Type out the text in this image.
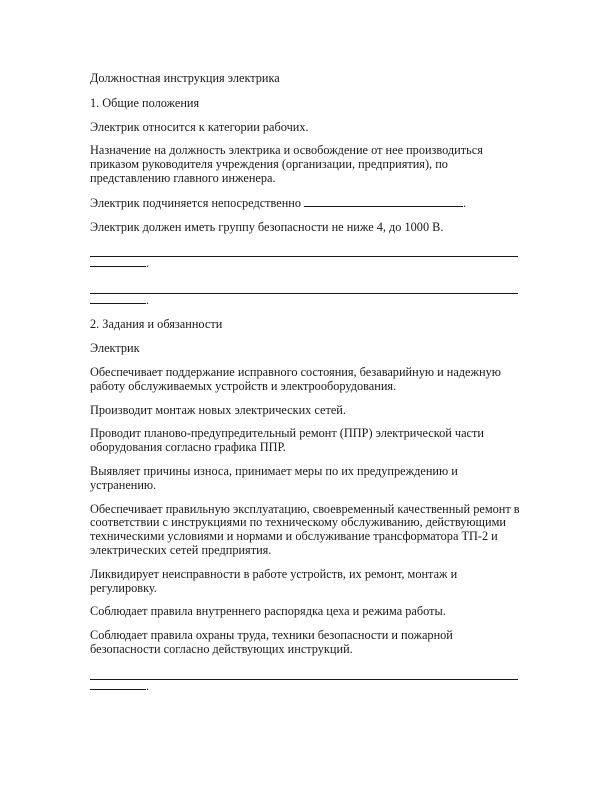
Должностная инструкция электрика

1. Общие положения

Электрик относится к категории рабочих.

Назначение на должность электрика и освобождение от нее производиться приказом руководителя учреждения (организации, предприятия), по представлению главного инженера.

Электрик подчиняется непосредственно	.

Электрик должен иметь группу безопасности не ниже 4, до 1000 В.

.
.

2. Задания и обязанности

Электрик

Обеспечивает поддержание исправного состояния, безаварийную и надежную работу обслуживаемых устройств и электрооборудования.

Производит монтаж новых электрических сетей.

Проводит планово-предупредительный ремонт (ППР) электрической части оборудования согласно графика ППР.

Выявляет причины износа, принимает меры по их предупреждению и устранению.

Обеспечивает правильную эксплуатацию, своевременный качественный ремонт в соответствии с инструкциями по техническому обслуживанию, действующими техническими условиями и нормами и обслуживание трансформатора ТП-2 и электрических сетей предприятия.

Ликвидирует неисправности в работе устройств, их ремонт, монтаж и регулировку.

Соблюдает правила внутреннего распорядка цеха и режима работы.

Соблюдает правила охраны труда, техники безопасности и пожарной безопасности согласно действующих инструкций.

.
